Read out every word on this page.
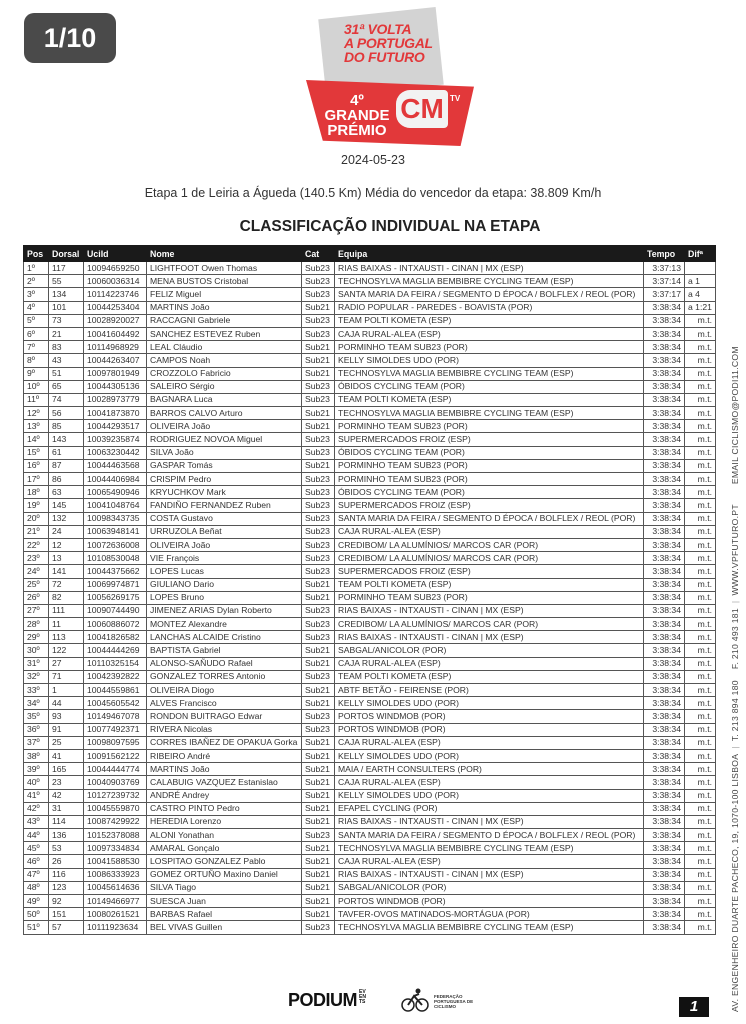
1/10	31ª VOLTA
A PORTUGAL
DO FUTURO
4º GRANDE
PRÉMIO
CM TV
2024-05-23
Etapa 1 de Leiria a Águeda (140.5 Km) Média do vencedor da etapa: 38.809 Km/h
CLASSIFICAÇÃO INDIVIDUAL NA ETAPA
Pos	Dorsal	UciId	Nome	Cat	Equipa	Tempo	Difª
1º	117	10094659250	LIGHTFOOT Owen Thomas	Sub23	RIAS BAIXAS - INTXAUSTI - CINAN | MX (ESP)	3:37:13	
2º	55	10060036314	MENA BUSTOS Cristobal	Sub23	TECHNOSYLVA MAGLIA BEMBIBRE CYCLING TEAM (ESP)	3:37:14	a 1
3º	134	10114223746	FELIZ Miguel	Sub23	SANTA MARIA DA FEIRA / SEGMENTO D ÉPOCA / BOLFLEX / REOL (POR)	3:37:17	a 4
4º	101	10044253404	MARTINS João	Sub21	RADIO POPULAR - PAREDES - BOAVISTA (POR)	3:38:34	a 1:21
5º	73	10028920027	RACCAGNI Gabriele	Sub23	TEAM POLTI KOMETA (ESP)	3:38:34	m.t.
6º	21	10041604492	SANCHEZ ESTEVEZ Ruben	Sub23	CAJA RURAL-ALEA (ESP)	3:38:34	m.t.
7º	83	10114968929	LEAL Cláudio	Sub21	PORMINHO TEAM SUB23 (POR)	3:38:34	m.t.
8º	43	10044263407	CAMPOS Noah	Sub21	KELLY SIMOLDES UDO (POR)	3:38:34	m.t.
9º	51	10097801949	CROZZOLO Fabricio	Sub21	TECHNOSYLVA MAGLIA BEMBIBRE CYCLING TEAM (ESP)	3:38:34	m.t.
10º	65	10044305136	SALEIRO Sérgio	Sub23	ÓBIDOS CYCLING TEAM (POR)	3:38:34	m.t.
11º	74	10028973779	BAGNARA Luca	Sub23	TEAM POLTI KOMETA (ESP)	3:38:34	m.t.
12º	56	10041873870	BARROS CALVO Arturo	Sub21	TECHNOSYLVA MAGLIA BEMBIBRE CYCLING TEAM (ESP)	3:38:34	m.t.
13º	85	10044293517	OLIVEIRA João	Sub21	PORMINHO TEAM SUB23 (POR)	3:38:34	m.t.
14º	143	10039235874	RODRIGUEZ NOVOA Miguel	Sub23	SUPERMERCADOS FROIZ (ESP)	3:38:34	m.t.
15º	61	10063230442	SILVA João	Sub23	ÓBIDOS CYCLING TEAM (POR)	3:38:34	m.t.
16º	87	10044463568	GASPAR Tomás	Sub21	PORMINHO TEAM SUB23 (POR)	3:38:34	m.t.
17º	86	10044406984	CRISPIM Pedro	Sub23	PORMINHO TEAM SUB23 (POR)	3:38:34	m.t.
18º	63	10065490946	KRYUCHKOV Mark	Sub23	ÓBIDOS CYCLING TEAM (POR)	3:38:34	m.t.
19º	145	10041048764	FANDIÑO FERNANDEZ Ruben	Sub23	SUPERMERCADOS FROIZ (ESP)	3:38:34	m.t.
20º	132	10098343735	COSTA Gustavo	Sub23	SANTA MARIA DA FEIRA / SEGMENTO D ÉPOCA / BOLFLEX / REOL (POR)	3:38:34	m.t.
21º	24	10063948141	URRUZOLA Beñat	Sub23	CAJA RURAL-ALEA (ESP)	3:38:34	m.t.
22º	12	10072636008	OLIVEIRA João	Sub23	CREDIBOM/ LA ALUMÍNIOS/ MARCOS CAR (POR)	3:38:34	m.t.
23º	13	10108530048	VIE François	Sub23	CREDIBOM/ LA ALUMÍNIOS/ MARCOS CAR (POR)	3:38:34	m.t.
24º	141	10044375662	LOPES Lucas	Sub23	SUPERMERCADOS FROIZ (ESP)	3:38:34	m.t.
25º	72	10069974871	GIULIANO Dario	Sub21	TEAM POLTI KOMETA (ESP)	3:38:34	m.t.
26º	82	10056269175	LOPES Bruno	Sub21	PORMINHO TEAM SUB23 (POR)	3:38:34	m.t.
27º	111	10090744490	JIMENEZ ARIAS Dylan Roberto	Sub23	RIAS BAIXAS - INTXAUSTI - CINAN | MX (ESP)	3:38:34	m.t.
28º	11	10060886072	MONTEZ Alexandre	Sub23	CREDIBOM/ LA ALUMÍNIOS/ MARCOS CAR (POR)	3:38:34	m.t.
29º	113	10041826582	LANCHAS ALCAIDE Cristino	Sub23	RIAS BAIXAS - INTXAUSTI - CINAN | MX (ESP)	3:38:34	m.t.
30º	122	10044444269	BAPTISTA Gabriel	Sub21	SABGAL/ANICOLOR (POR)	3:38:34	m.t.
31º	27	10110325154	ALONSO-SAÑUDO Rafael	Sub21	CAJA RURAL-ALEA (ESP)	3:38:34	m.t.
32º	71	10042392822	GONZALEZ TORRES Antonio	Sub23	TEAM POLTI KOMETA (ESP)	3:38:34	m.t.
33º	1	10044559861	OLIVEIRA Diogo	Sub21	ABTF BETÃO - FEIRENSE (POR)	3:38:34	m.t.
34º	44	10045605542	ALVES Francisco	Sub21	KELLY SIMOLDES UDO (POR)	3:38:34	m.t.
35º	93	10149467078	RONDON BUITRAGO Edwar	Sub23	PORTOS WINDMOB (POR)	3:38:34	m.t.
36º	91	10077492371	RIVERA Nicolas	Sub23	PORTOS WINDMOB (POR)	3:38:34	m.t.
37º	25	10098097595	CORRES IBAÑEZ DE OPAKUA Gorka	Sub21	CAJA RURAL-ALEA (ESP)	3:38:34	m.t.
38º	41	10091562122	RIBEIRO André	Sub21	KELLY SIMOLDES UDO (POR)	3:38:34	m.t.
39º	165	10044444774	MARTINS João	Sub21	MAIA / EARTH CONSULTERS (POR)	3:38:34	m.t.
40º	23	10040903769	CALABUIG VAZQUEZ Estanislao	Sub21	CAJA RURAL-ALEA (ESP)	3:38:34	m.t.
41º	42	10127239732	ANDRÉ Andrey	Sub21	KELLY SIMOLDES UDO (POR)	3:38:34	m.t.
42º	31	10045559870	CASTRO PINTO Pedro	Sub21	EFAPEL CYCLING (POR)	3:38:34	m.t.
43º	114	10087429922	HEREDIA Lorenzo	Sub21	RIAS BAIXAS - INTXAUSTI - CINAN | MX (ESP)	3:38:34	m.t.
44º	136	10152378088	ALONI Yonathan	Sub23	SANTA MARIA DA FEIRA / SEGMENTO D ÉPOCA / BOLFLEX / REOL (POR)	3:38:34	m.t.
45º	53	10097334834	AMARAL Gonçalo	Sub21	TECHNOSYLVA MAGLIA BEMBIBRE CYCLING TEAM (ESP)	3:38:34	m.t.
46º	26	10041588530	LOSPITAO GONZALEZ Pablo	Sub21	CAJA RURAL-ALEA (ESP)	3:38:34	m.t.
47º	116	10086333923	GOMEZ ORTUÑO Maxino Daniel	Sub21	RIAS BAIXAS - INTXAUSTI - CINAN | MX (ESP)	3:38:34	m.t.
48º	123	10045614636	SILVA Tiago	Sub21	SABGAL/ANICOLOR (POR)	3:38:34	m.t.
49º	92	10149466977	SUESCA Juan	Sub21	PORTOS WINDMOB (POR)	3:38:34	m.t.
50º	151	10080261521	BARBAS Rafael	Sub21	TAVFER-OVOS MATINADOS-MORTÁGUA (POR)	3:38:34	m.t.
51º	57	10111923634	BEL VIVAS Guillen	Sub23	TECHNOSYLVA MAGLIA BEMBIBRE CYCLING TEAM (ESP)	3:38:34	m.t.
PODIUM $^{EV EN TS}$
FEDERAÇÃO PORTUGUESA DE CICLISMO	1	AV. ENGENHEIRO DUARTE PACHECO, 19, 1070-100 LISBOA|T. 213 894 180F. 210 493 181|WWW.VPFUTURO.PTEMAIL CICLISMO@PODI11.COM
